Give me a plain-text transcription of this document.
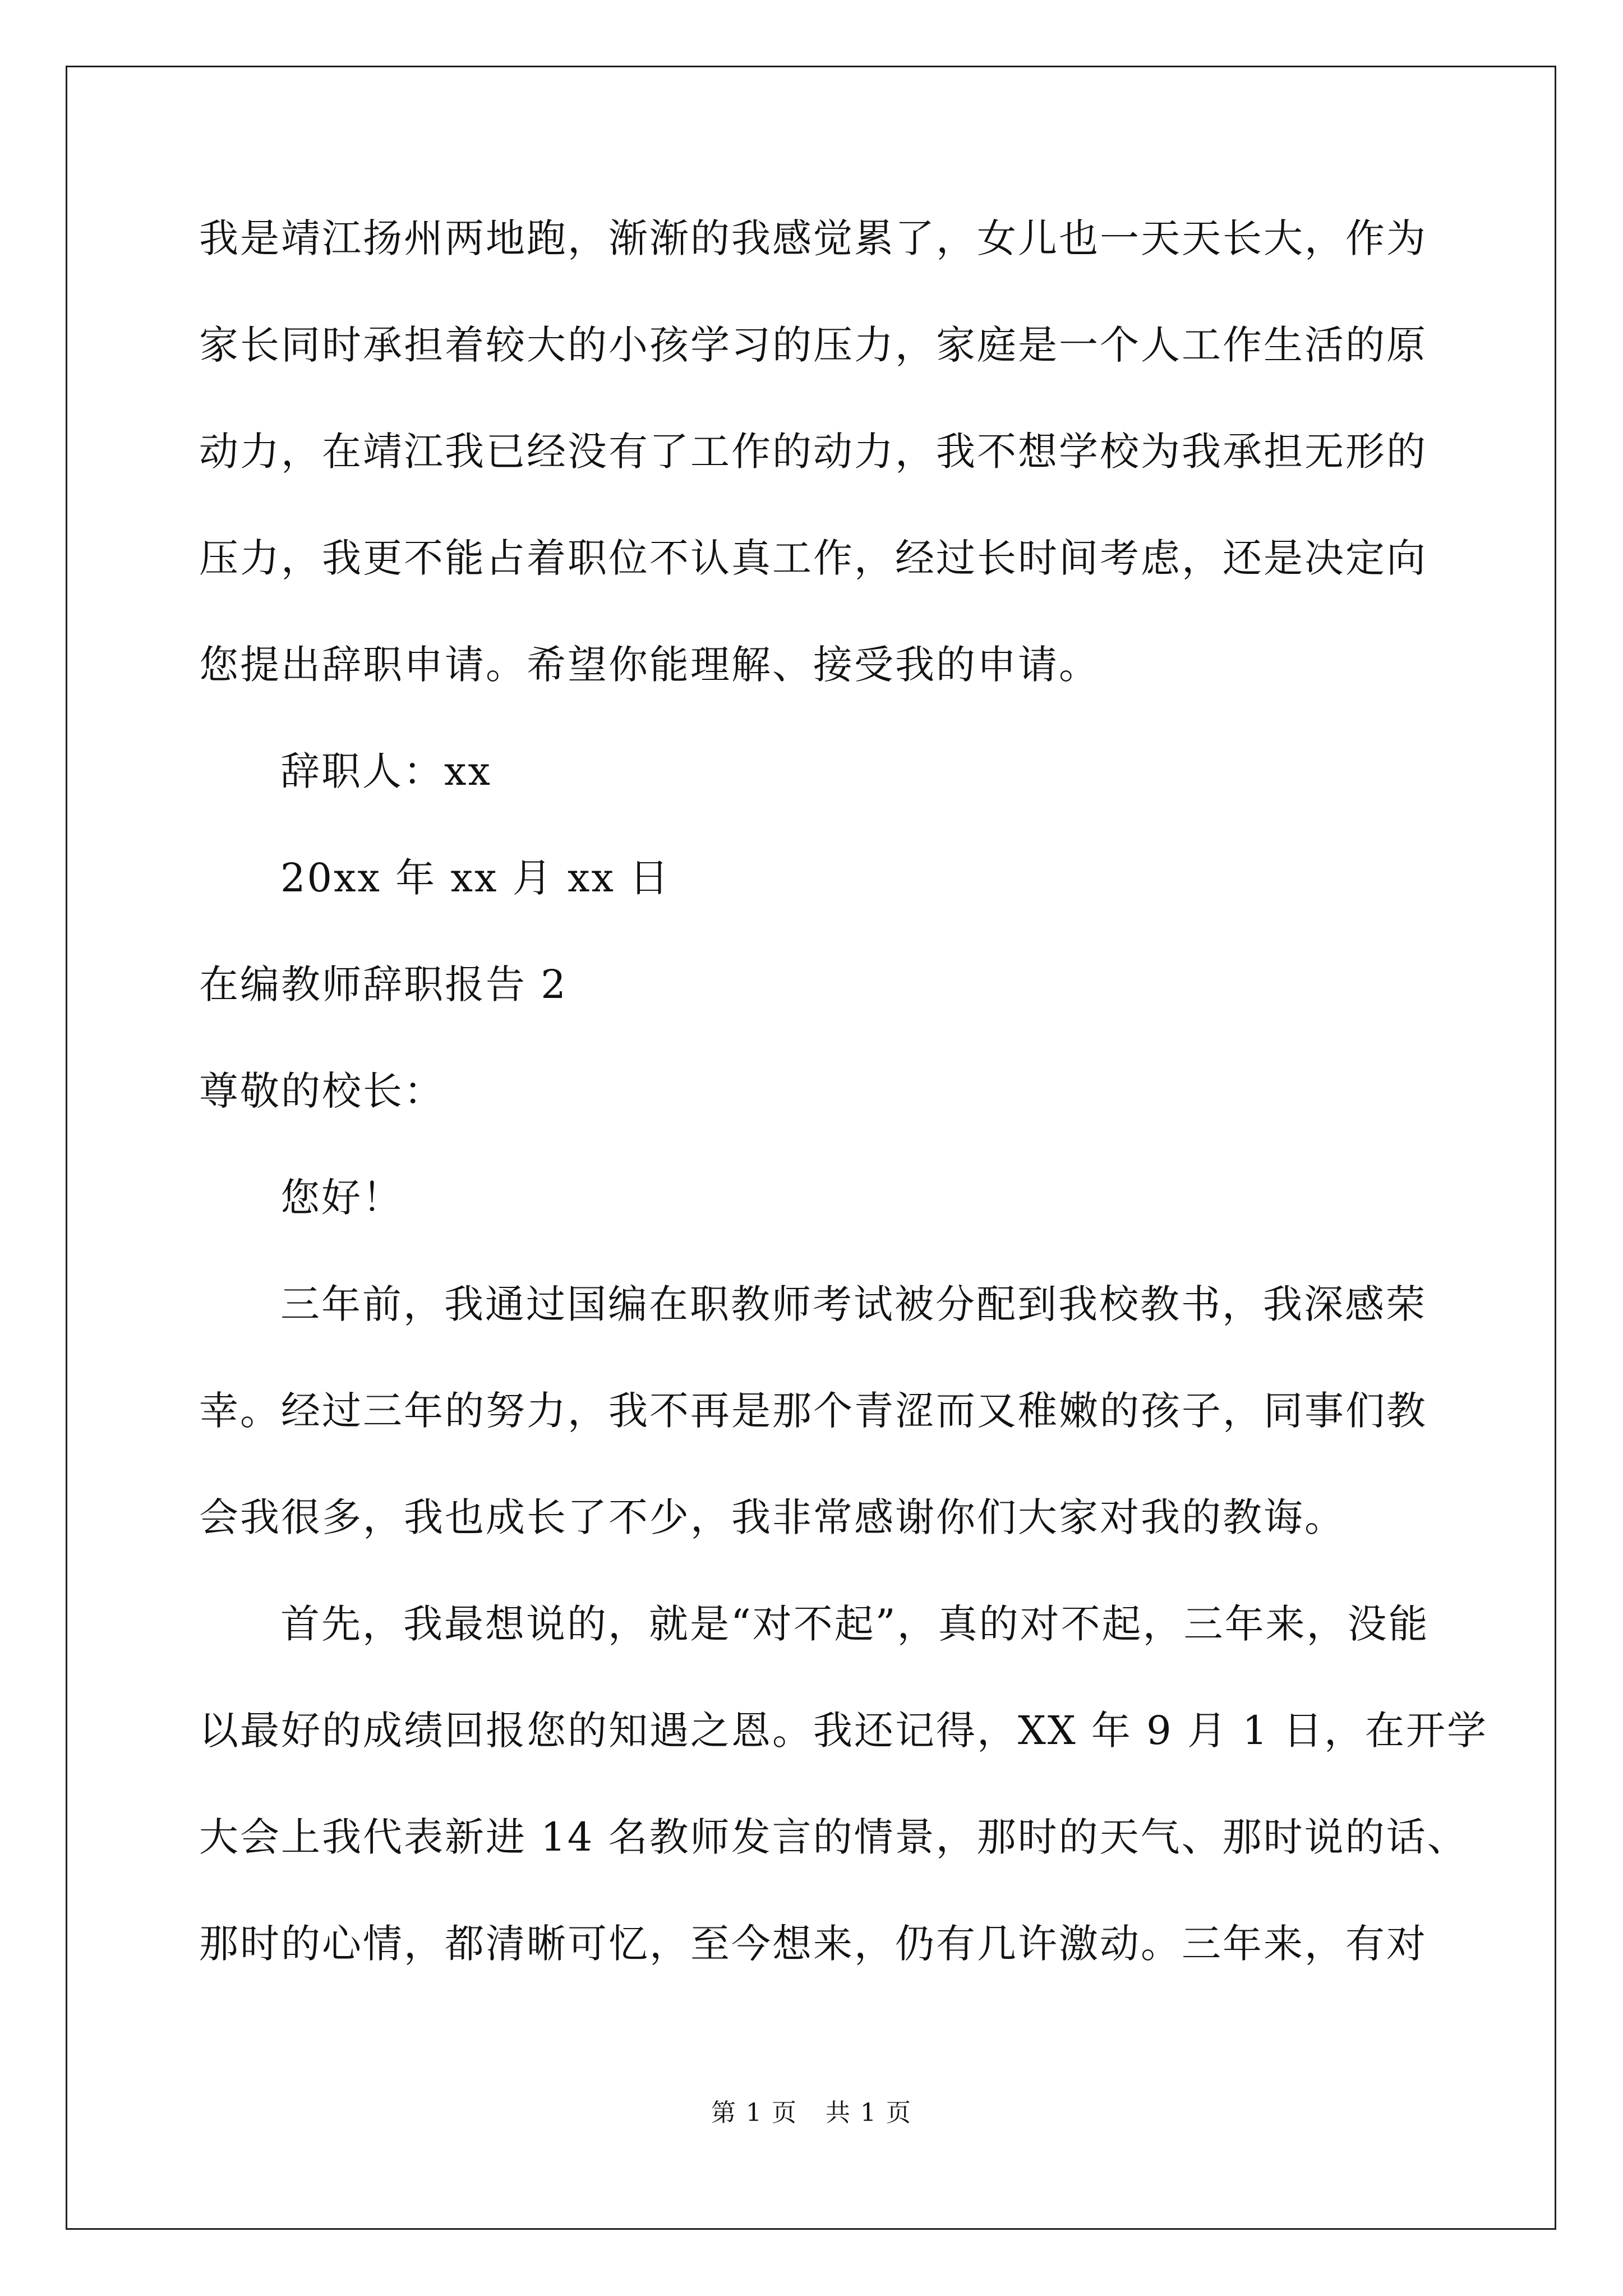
我是靖江扬州两地跑，渐渐的我感觉累了，女儿也一天天长大，作为
家长同时承担着较大的小孩学习的压力，家庭是一个人工作生活的原
动力，在靖江我已经没有了工作的动力，我不想学校为我承担无形的
压力，我更不能占着职位不认真工作，经过长时间考虑，还是决定向
您提出辞职申请。希望你能理解、接受我的申请。
辞职人：xx
20xx 年 xx 月 xx 日
在编教师辞职报告 2
尊敬的校长：
您好！
三年前，我通过国编在职教师考试被分配到我校教书，我深感荣
幸。经过三年的努力，我不再是那个青涩而又稚嫩的孩子，同事们教
会我很多，我也成长了不少，我非常感谢你们大家对我的教诲。
首先，我最想说的，就是“对不起”，真的对不起，三年来，没能
以最好的成绩回报您的知遇之恩。我还记得，XX 年 9 月 1 日，在开学
大会上我代表新进 14 名教师发言的情景，那时的天气、那时说的话、
那时的心情，都清晰可忆，至今想来，仍有几许激动。三年来，有对
第 1 页 共 1 页
